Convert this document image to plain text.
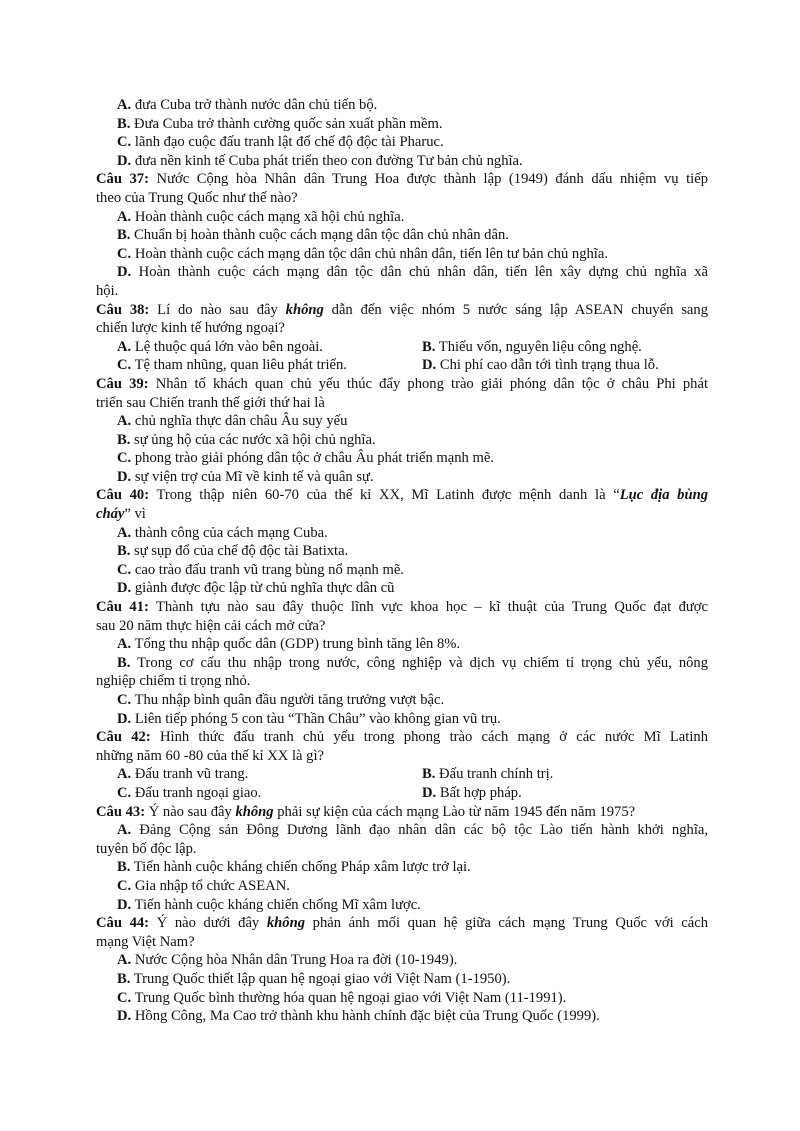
A. đưa Cuba trở thành nước dân chủ tiến bộ.
B. Đưa Cuba trở thành cường quốc sản xuất phần mềm.
C. lãnh đạo cuộc đấu tranh lật đổ chế độ độc tài Pharuc.
D. đưa nền kinh tế Cuba phát triển theo con đường Tư bản chủ nghĩa.
Câu 37: Nước Cộng hòa Nhân dân Trung Hoa được thành lập (1949) đánh dấu nhiệm vụ tiếp
theo của Trung Quốc như thế nào?
A. Hoàn thành cuộc cách mạng xã hội chủ nghĩa.
B. Chuẩn bị hoàn thành cuộc cách mạng dân tộc dân chủ nhân dân.
C. Hoàn thành cuộc cách mạng dân tộc dân chủ nhân dân, tiến lên tư bản chủ nghĩa.
D. Hoàn thành cuộc cách mạng dân tộc dân chủ nhân dân, tiến lên xây dựng chủ nghĩa xã
hội.
Câu 38: Lí do nào sau đây không dẫn đến việc nhóm 5 nước sáng lập ASEAN chuyển sang
chiến lược kinh tế hướng ngoại?
A. Lệ thuộc quá lớn vào bên ngoài.	B. Thiếu vốn, nguyên liệu công nghệ.
C. Tệ tham nhũng, quan liêu phát triển.	D. Chi phí cao dẫn tới tình trạng thua lỗ.
Câu 39: Nhân tố khách quan chủ yếu thúc đẩy phong trào giải phóng dân tộc ở châu Phi phát
triển sau Chiến tranh thế giới thứ hai là
A. chủ nghĩa thực dân châu Âu suy yếu
B. sự ủng hộ của các nước xã hội chủ nghĩa.
C. phong trào giải phóng dân tộc ở châu Âu phát triển mạnh mẽ.
D. sự viện trợ của Mĩ về kinh tế và quân sự.
Câu 40: Trong thập niên 60-70 của thế kỉ XX, Mĩ Latinh được mệnh danh là “Lục địa bùng
cháy” vì
A. thành công của cách mạng Cuba.
B. sự sụp đổ của chế độ độc tài Batixta.
C. cao trào đấu tranh vũ trang bùng nổ mạnh mẽ.
D. giành được độc lập từ chủ nghĩa thực dân cũ
Câu 41: Thành tựu nào sau đây thuộc lĩnh vực khoa học – kĩ thuật của Trung Quốc đạt được
sau 20 năm thực hiện cải cách mở cửa?
A. Tổng thu nhập quốc dân (GDP) trung bình tăng lên 8%.
B. Trong cơ cấu thu nhập trong nước, công nghiệp và dịch vụ chiếm tỉ trọng chủ yếu, nông
nghiệp chiếm tỉ trọng nhỏ.
C. Thu nhập bình quân đầu người tăng trưởng vượt bậc.
D. Liên tiếp phóng 5 con tàu “Thần Châu” vào không gian vũ trụ.
Câu 42: Hình thức đấu tranh chủ yếu trong phong trào cách mạng ở các nước Mĩ Latinh
những năm 60 -80 của thế kỉ XX là gì?
A. Đấu tranh vũ trang.	B. Đấu tranh chính trị.
C. Đấu tranh ngoại giao.	D. Bất hợp pháp.
Câu 43: Ý nào sau đây không phải sự kiện của cách mạng Lào từ năm 1945 đến năm 1975?
A. Đảng Cộng sản Đông Dương lãnh đạo nhân dân các bộ tộc Lào tiến hành khởi nghĩa,
tuyên bố độc lập.
B. Tiến hành cuộc kháng chiến chống Pháp xâm lược trở lại.
C. Gia nhập tổ chức ASEAN.
D. Tiến hành cuộc kháng chiến chống Mĩ xâm lược.
Câu 44: Ý nào dưới đây không phản ánh mối quan hệ giữa cách mạng Trung Quốc với cách
mạng Việt Nam?
A. Nước Cộng hòa Nhân dân Trung Hoa ra đời (10-1949).
B. Trung Quốc thiết lập quan hệ ngoại giao với Việt Nam (1-1950).
C. Trung Quốc bình thường hóa quan hệ ngoại giao với Việt Nam (11-1991).
D. Hồng Công, Ma Cao trở thành khu hành chính đặc biệt của Trung Quốc (1999).
